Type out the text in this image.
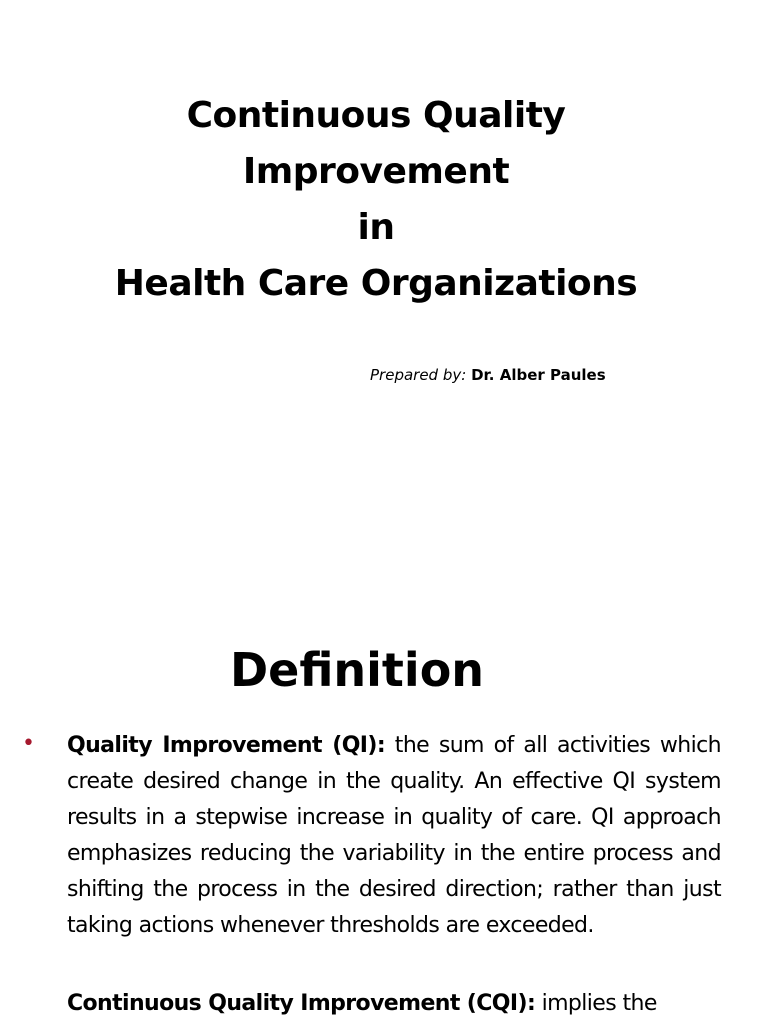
Continuous Quality
Improvement
in
Health Care Organizations
Prepared by: Dr. Alber Paules
Definition
• Quality Improvement (QI): the sum of all activities which create desired change in the quality. An effective QI system results in a stepwise increase in quality of care. QI approach emphasizes reducing the variability in the entire process and shifting the process in the desired direction; rather than just taking actions whenever thresholds are exceeded.
Continuous Quality Improvement (CQI): implies the
